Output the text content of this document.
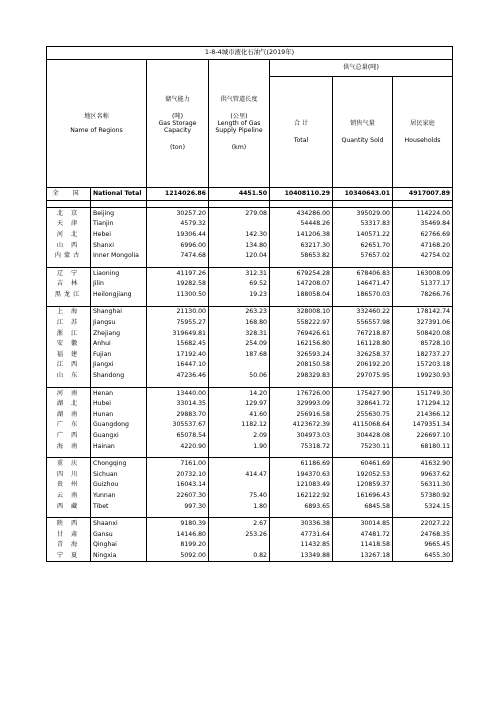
1-8-4城市液化石油气(2019年)						

地区名称
Name of Regions		储气能力
(吨)
Gas Storage
Capacity
(ton)	供气管道长度
(公里)
Length of Gas
Supply Pipeline
(km)	供气总量(吨)		

				合 计
Total	销售气量
Quantity Sold	居民家庭
Households

全 国	National Total	1214026.86	4451.50	10408110.29	10340643.01	4917007.89

北 京	Beijing	30257.20	279.08	434286.00	395029.00	114224.00
天 津	Tianjin	4579.32		54448.26	53317.83	35469.84
河 北	Hebei	19306.44	142.30	141206.38	140571.22	62766.69
山 西	Shanxi	6996.00	134.80	63217.30	62651.70	47168.20
内蒙古	Inner Mongolia	7474.68	120.04	58653.82	57657.02	42754.02

辽 宁	Liaoning	41197.26	312.31	679254.28	678406.83	163008.09
吉 林	Jilin	19282.58	69.52	147208.07	146471.47	51377.17
黑龙江	Heilongjiang	11300.50	19.23	188058.04	186570.03	78266.76

上 海	Shanghai	21130.00	263.23	328008.10	332460.22	178142.74
江 苏	Jiangsu	75955.27	168.80	558222.97	556557.98	327391.06
浙 江	Zhejiang	319649.81	328.31	769426.61	767218.87	508420.08
安 徽	Anhui	15682.45	254.09	162156.80	161128.80	85728.10
福 建	Fujian	17192.40	187.68	326593.24	326258.37	182737.27
江 西	Jiangxi	16447.10		208150.58	206192.20	157203.18
山 东	Shandong	47236.46	50.06	298329.83	297075.95	199230.93

河 南	Henan	13440.00	14.20	176726.00	175427.90	151749.30
湖 北	Hubei	33014.35	129.97	329993.09	328641.72	171294.12
湖 南	Hunan	29883.70	41.60	256916.58	255630.75	214366.12
广 东	Guangdong	305537.67	1182.12	4123672.39	4115068.64	1479351.34
广 西	Guangxi	65078.54	2.09	304973.03	304428.08	226697.10
海 南	Hainan	4220.90	1.90	75318.72	75230.11	68180.11

重 庆	Chongqing	7161.00		61186.69	60461.69	41632.90
四 川	Sichuan	20732.10	414.47	194370.63	192052.53	99637.62
贵 州	Guizhou	16043.14		121083.49	120859.37	56311.30
云 南	Yunnan	22607.30	75.40	162122.92	161696.43	57380.92
西 藏	Tibet	997.30	1.80	6893.65	6845.58	5324.15

陕 西	Shaanxi	9180.39	2.67	30336.38	30014.85	22027.22
甘 肃	Gansu	14146.80	253.26	47731.64	47481.72	24768.35
青 海	Qinghai	8199.20		11432.85	11418.58	9665.45
宁 夏	Ningxia	5092.00	0.82	13349.88	13267.18	6455.30
